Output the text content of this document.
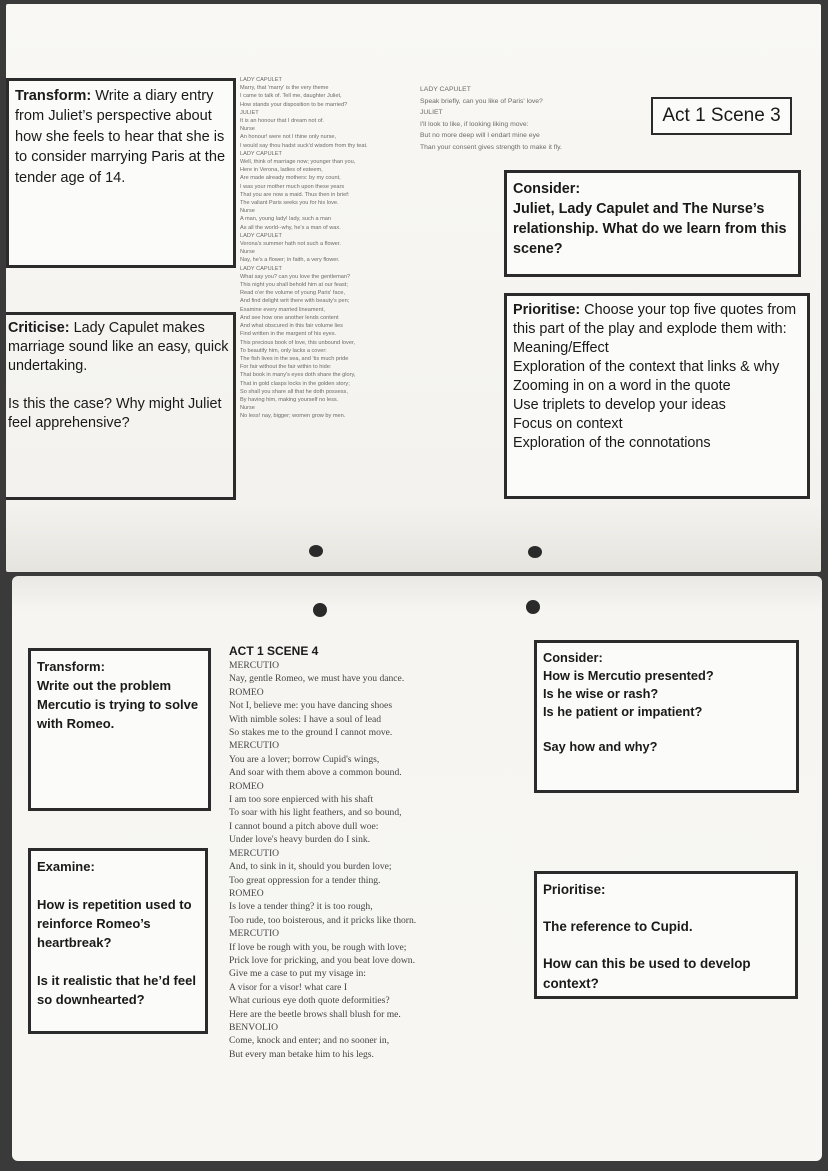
Transform: Write a diary entry from Juliet’s perspective about how she feels to hear that she is to consider marrying Paris at the tender age of 14.

Criticise: Lady Capulet makes marriage sound like an easy, quick undertaking.

Is this the case? Why might Juliet feel apprehensive?

LADY CAPULET
Marry, that 'marry' is the very theme
I came to talk of. Tell me, daughter Juliet,
How stands your disposition to be married?
JULIET
It is an honour that I dream not of.
Nurse
An honour! were not I thine only nurse,
I would say thou hadst suck'd wisdom from thy teat.
LADY CAPULET
Well, think of marriage now; younger than you,
Here in Verona, ladies of esteem,
Are made already mothers: by my count,
I was your mother much upon these years
That you are now a maid. Thus then in brief:
The valiant Paris seeks you for his love.
Nurse
A man, young lady! lady, such a man
As all the world--why, he's a man of wax.
LADY CAPULET
Verona's summer hath not such a flower.
Nurse
Nay, he's a flower; in faith, a very flower.
LADY CAPULET
What say you? can you love the gentleman?
This night you shall behold him at our feast;
Read o'er the volume of young Paris' face,
And find delight writ there with beauty's pen;
Examine every married lineament,
And see how one another lends content
And what obscured in this fair volume lies
Find written in the margent of his eyes.
This precious book of love, this unbound lover,
To beautify him, only lacks a cover:
The fish lives in the sea, and 'tis much pride
For fair without the fair within to hide:
That book in many's eyes doth share the glory,
That in gold clasps locks in the golden story;
So shall you share all that he doth possess,
By having him, making yourself no less.
Nurse
No less! nay, bigger; women grow by men.
LADY CAPULET
Speak briefly, can you like of Paris' love?
JULIET
I'll look to like, if looking liking move:
But no more deep will I endart mine eye
Than your consent gives strength to make it fly.
Act 1 Scene 3

Consider:

Juliet, Lady Capulet and The Nurse’s relationship. What do we learn from this scene?

Prioritise: Choose your top five quotes from this part of the play and explode them with:

Meaning/Effect

Exploration of the context that links & why

Zooming in on a word in the quote

Use triplets to develop your ideas

Focus on context

Exploration of the connotations

Transform:

Write out the problem Mercutio is trying to solve with Romeo.

Examine:

How is repetition used to reinforce Romeo’s heartbreak?

Is it realistic that he’d feel so downhearted?

ACT 1 SCENE 4
MERCUTIO
Nay, gentle Romeo, we must have you dance.
ROMEO
Not I, believe me: you have dancing shoes
With nimble soles: I have a soul of lead
So stakes me to the ground I cannot move.
MERCUTIO
You are a lover; borrow Cupid's wings,
And soar with them above a common bound.
ROMEO
I am too sore enpierced with his shaft
To soar with his light feathers, and so bound,
I cannot bound a pitch above dull woe:
Under love's heavy burden do I sink.
MERCUTIO
And, to sink in it, should you burden love;
Too great oppression for a tender thing.
ROMEO
Is love a tender thing? it is too rough,
Too rude, too boisterous, and it pricks like thorn.
MERCUTIO
If love be rough with you, be rough with love;
Prick love for pricking, and you beat love down.
Give me a case to put my visage in:
A visor for a visor! what care I
What curious eye doth quote deformities?
Here are the beetle brows shall blush for me.
BENVOLIO
Come, knock and enter; and no sooner in,
But every man betake him to his legs.

Consider:

How is Mercutio presented?

Is he wise or rash?

Is he patient or impatient?

Say how and why?

Prioritise:

The reference to Cupid.

How can this be used to develop context?
